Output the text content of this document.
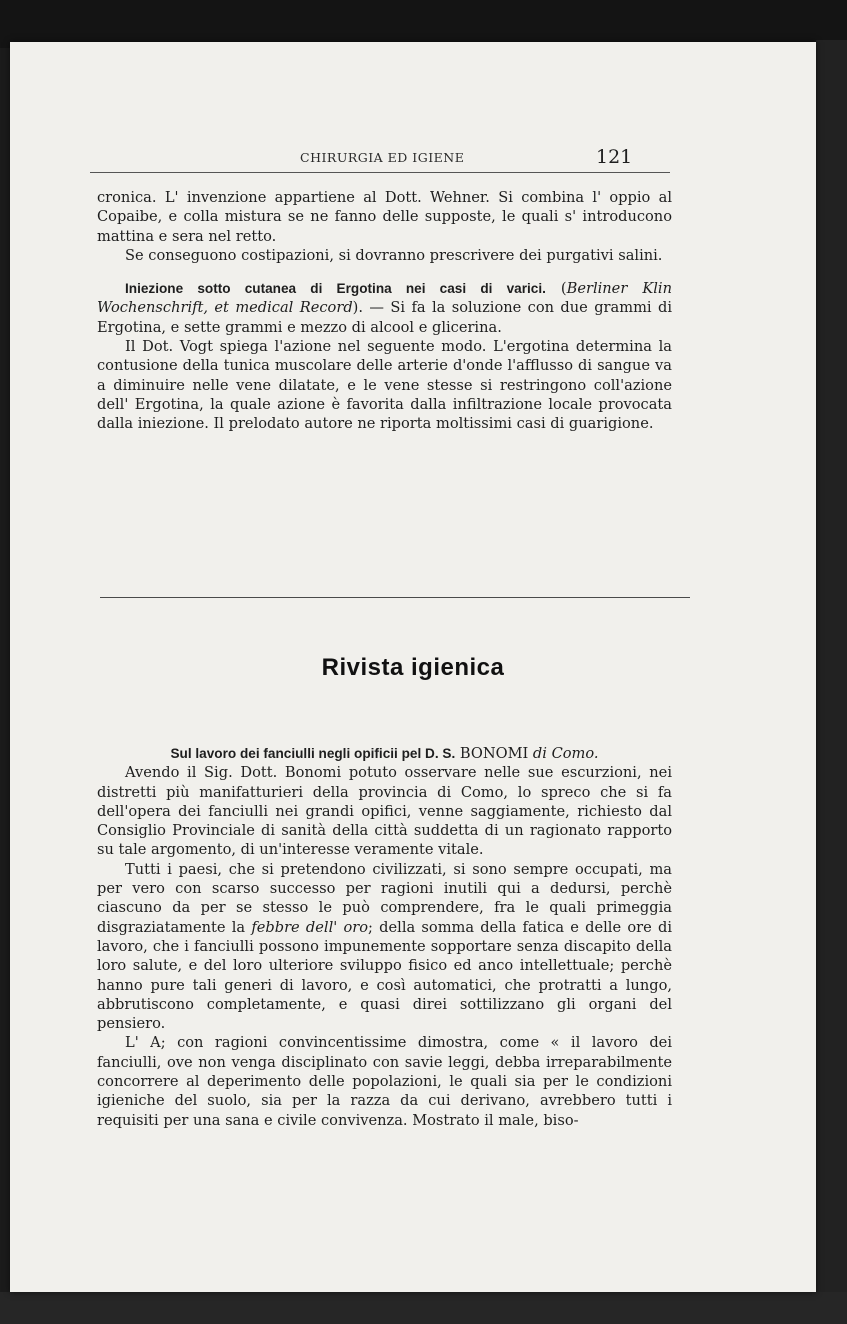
CHIRURGIA ED IGIENE	121

cronica. L' invenzione appartiene al Dott. Wehner. Si combina l' oppio al Copaibe, e colla mistura se ne fanno delle supposte, le quali s' introducono mattina e sera nel retto.

Se conseguono costipazioni, si dovranno prescrivere dei purgativi salini.

Iniezione sotto cutanea di Ergotina nei casi di varici. (Berliner Klin Wochenschrift, et medical Record). — Si fa la soluzione con due grammi di Ergotina, e sette grammi e mezzo di alcool e glicerina.

Il Dot. Vogt spiega l'azione nel seguente modo. L'ergotina determina la contusione della tunica muscolare delle arterie d'onde l'afflusso di sangue va a diminuire nelle vene dilatate, e le vene stesse si restringono coll'azione dell' Ergotina, la quale azione è favorita dalla infiltrazione locale provocata dalla iniezione. Il prelodato autore ne riporta moltissimi casi di guarigione.

Rivista igienica

Sul lavoro dei fanciulli negli opificii pel D. S. BONOMI di Como.

Avendo il Sig. Dott. Bonomi potuto osservare nelle sue escurzioni, nei distretti più manifatturieri della provincia di Como, lo spreco che si fa dell'opera dei fanciulli nei grandi opifici, venne saggiamente, richiesto dal Consiglio Provinciale di sanità della città suddetta di un ragionato rapporto su tale argomento, di un'interesse veramente vitale.

Tutti i paesi, che si pretendono civilizzati, si sono sempre occupati, ma per vero con scarso successo per ragioni inutili qui a dedursi, perchè ciascuno da per se stesso le può comprendere, fra le quali primeggia disgraziatamente la febbre dell' oro; della somma della fatica e delle ore di lavoro, che i fanciulli possono impunemente sopportare senza discapito della loro salute, e del loro ulteriore sviluppo fisico ed anco intellettuale; perchè hanno pure tali generi di lavoro, e così automatici, che protratti a lungo, abbrutiscono completamente, e quasi direi sottilizzano gli organi del pensiero.

L' A; con ragioni convincentissime dimostra, come « il lavoro dei fanciulli, ove non venga disciplinato con savie leggi, debba irreparabilmente concorrere al deperimento delle popolazioni, le quali sia per le condizioni igieniche del suolo, sia per la razza da cui derivano, avrebbero tutti i requisiti per una sana e civile convivenza. Mostrato il male, biso-
